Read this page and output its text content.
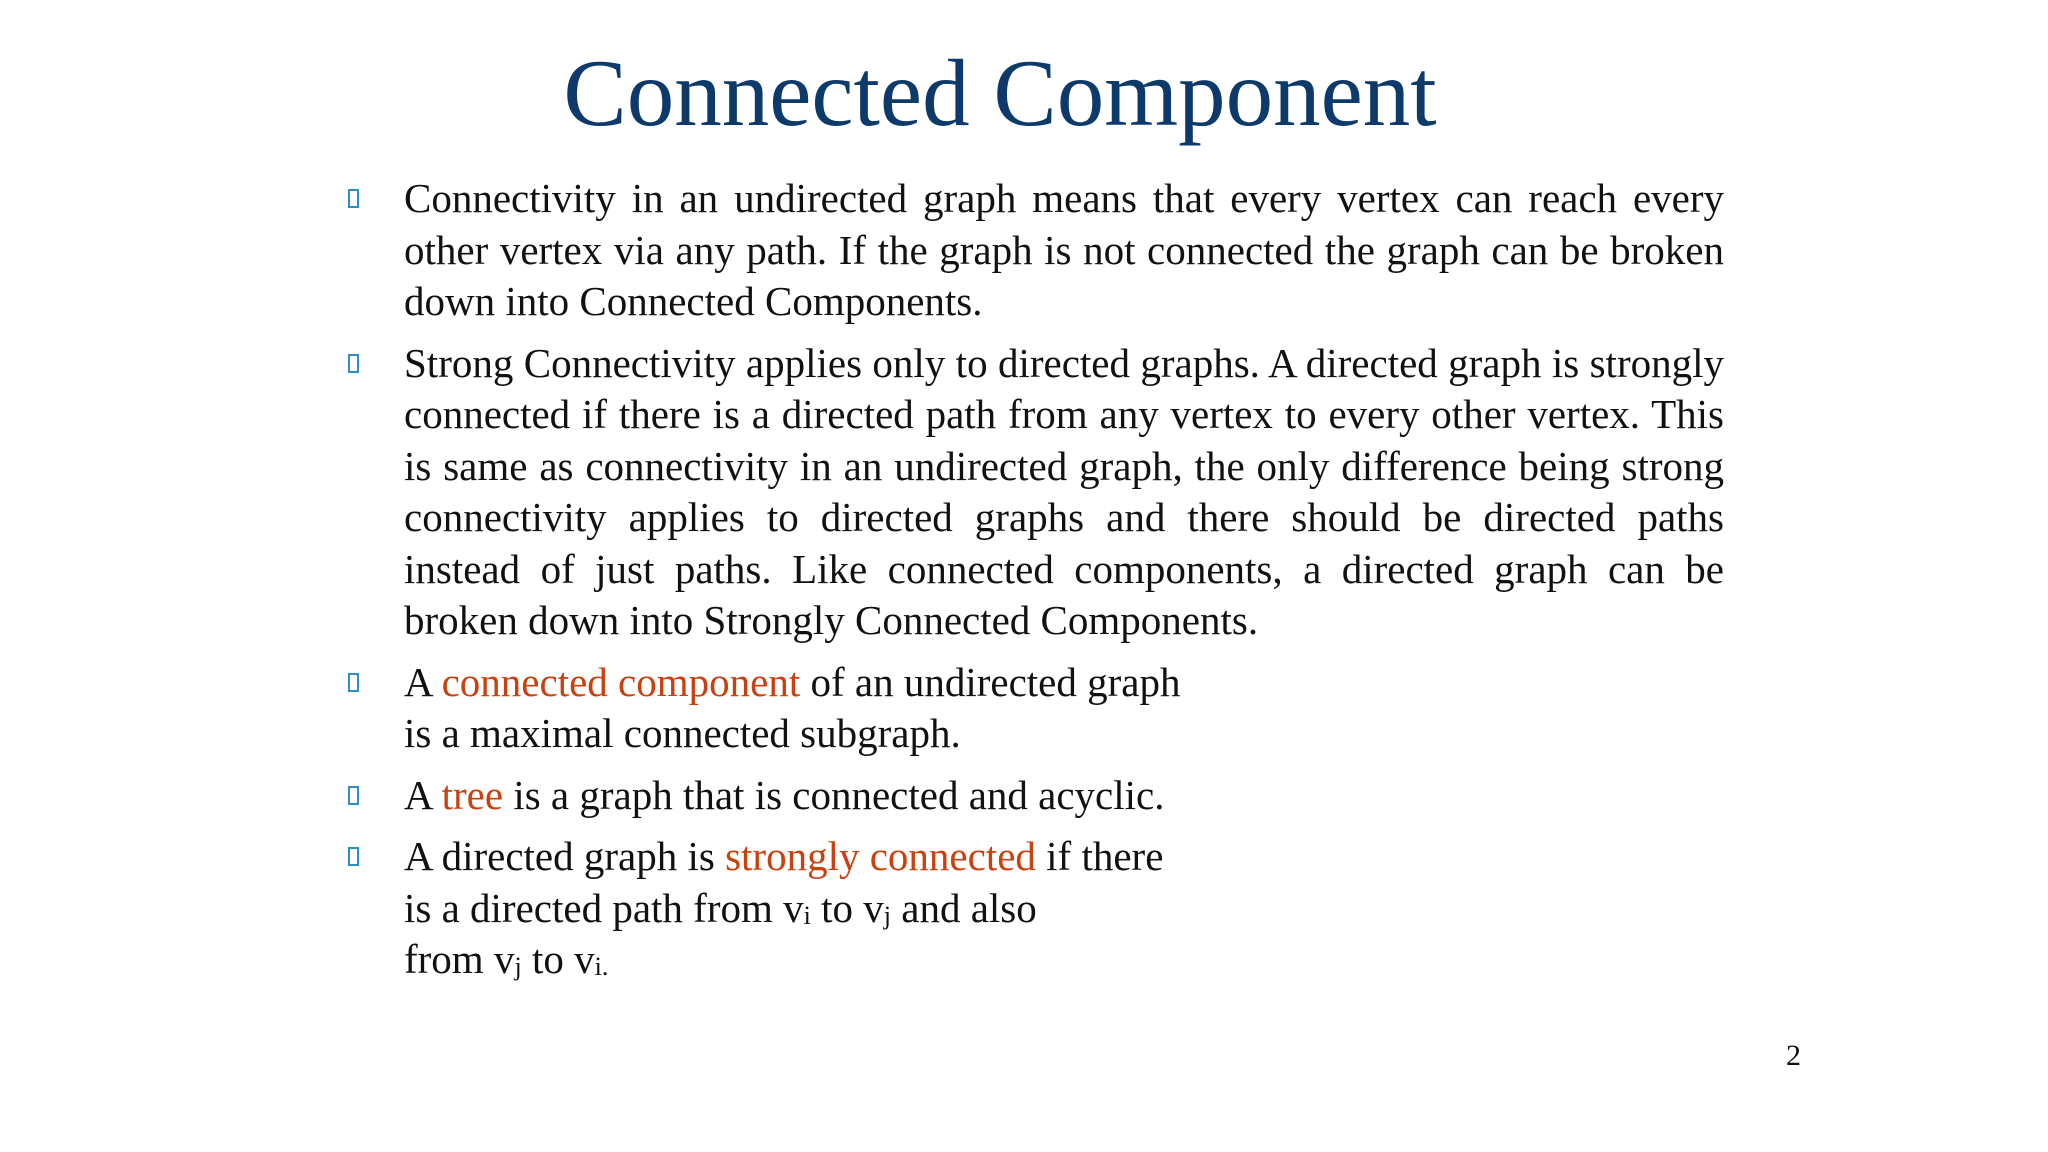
Connected Component
Connectivity in an undirected graph means that every vertex can reach every other vertex via any path. If the graph is not connected the graph can be broken down into Connected Components.
Strong Connectivity applies only to directed graphs. A directed graph is strongly connected if there is a directed path from any vertex to every other vertex. This is same as connectivity in an undirected graph, the only difference being strong connectivity applies to directed graphs and there should be directed paths instead of just paths. Like connected components, a directed graph can be broken down into Strongly Connected Components.
A connected component of an undirected graph
is a maximal connected subgraph.
A tree is a graph that is connected and acyclic.
A directed graph is strongly connected if there
is a directed path from $v_i$ to $v_j$ and also
from $v_j$ to $v_{i.}$
2
